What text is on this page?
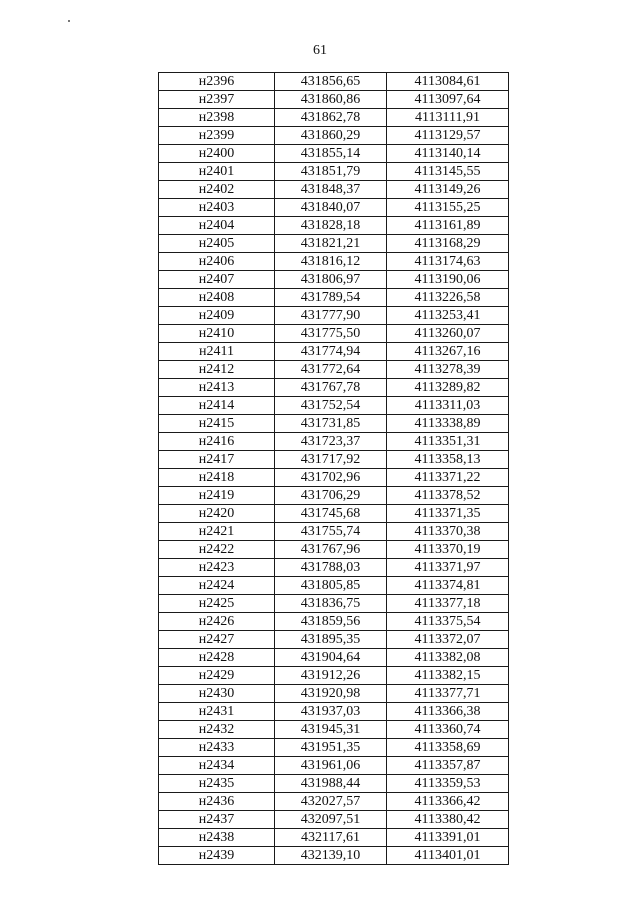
61
н2396	431856,65	4113084,61
н2397	431860,86	4113097,64
н2398	431862,78	4113111,91
н2399	431860,29	4113129,57
н2400	431855,14	4113140,14
н2401	431851,79	4113145,55
н2402	431848,37	4113149,26
н2403	431840,07	4113155,25
н2404	431828,18	4113161,89
н2405	431821,21	4113168,29
н2406	431816,12	4113174,63
н2407	431806,97	4113190,06
н2408	431789,54	4113226,58
н2409	431777,90	4113253,41
н2410	431775,50	4113260,07
н2411	431774,94	4113267,16
н2412	431772,64	4113278,39
н2413	431767,78	4113289,82
н2414	431752,54	4113311,03
н2415	431731,85	4113338,89
н2416	431723,37	4113351,31
н2417	431717,92	4113358,13
н2418	431702,96	4113371,22
н2419	431706,29	4113378,52
н2420	431745,68	4113371,35
н2421	431755,74	4113370,38
н2422	431767,96	4113370,19
н2423	431788,03	4113371,97
н2424	431805,85	4113374,81
н2425	431836,75	4113377,18
н2426	431859,56	4113375,54
н2427	431895,35	4113372,07
н2428	431904,64	4113382,08
н2429	431912,26	4113382,15
н2430	431920,98	4113377,71
н2431	431937,03	4113366,38
н2432	431945,31	4113360,74
н2433	431951,35	4113358,69
н2434	431961,06	4113357,87
н2435	431988,44	4113359,53
н2436	432027,57	4113366,42
н2437	432097,51	4113380,42
н2438	432117,61	4113391,01
н2439	432139,10	4113401,01
